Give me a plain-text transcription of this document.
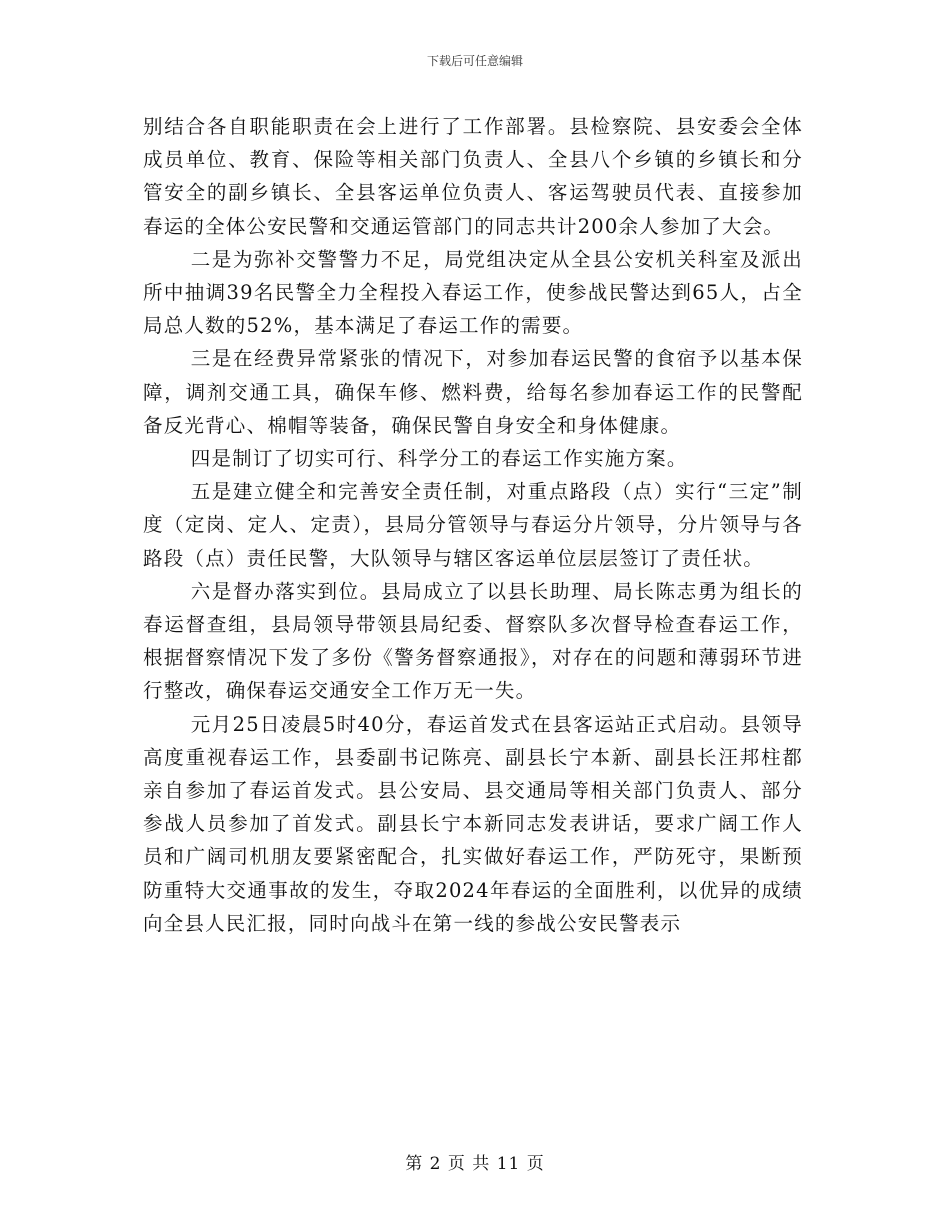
下载后可任意编辑

别结合各自职能职责在会上进行了工作部署。县检察院、县安委会全体成员单位、教育、保险等相关部门负责人、全县八个乡镇的乡镇长和分管安全的副乡镇长、全县客运单位负责人、客运驾驶员代表、直接参加春运的全体公安民警和交通运管部门的同志共计200余人参加了大会。

二是为弥补交警警力不足，局党组决定从全县公安机关科室及派出所中抽调39名民警全力全程投入春运工作，使参战民警达到65人，占全局总人数的52%，基本满足了春运工作的需要。

三是在经费异常紧张的情况下，对参加春运民警的食宿予以基本保障，调剂交通工具，确保车修、燃料费，给每名参加春运工作的民警配备反光背心、棉帽等装备，确保民警自身安全和身体健康。

四是制订了切实可行、科学分工的春运工作实施方案。

五是建立健全和完善安全责任制，对重点路段（点）实行“三定”制度（定岗、定人、定责），县局分管领导与春运分片领导，分片领导与各路段（点）责任民警，大队领导与辖区客运单位层层签订了责任状。

六是督办落实到位。县局成立了以县长助理、局长陈志勇为组长的春运督查组，县局领导带领县局纪委、督察队多次督导检查春运工作，根据督察情况下发了多份《警务督察通报》，对存在的问题和薄弱环节进行整改，确保春运交通安全工作万无一失。

元月25日凌晨5时40分，春运首发式在县客运站正式启动。县领导高度重视春运工作，县委副书记陈亮、副县长宁本新、副县长汪邦柱都亲自参加了春运首发式。县公安局、县交通局等相关部门负责人、部分参战人员参加了首发式。副县长宁本新同志发表讲话，要求广阔工作人员和广阔司机朋友要紧密配合，扎实做好春运工作，严防死守，果断预防重特大交通事故的发生，夺取2024年春运的全面胜利，以优异的成绩向全县人民汇报，同时向战斗在第一线的参战公安民警表示

第 2 页 共 11 页
